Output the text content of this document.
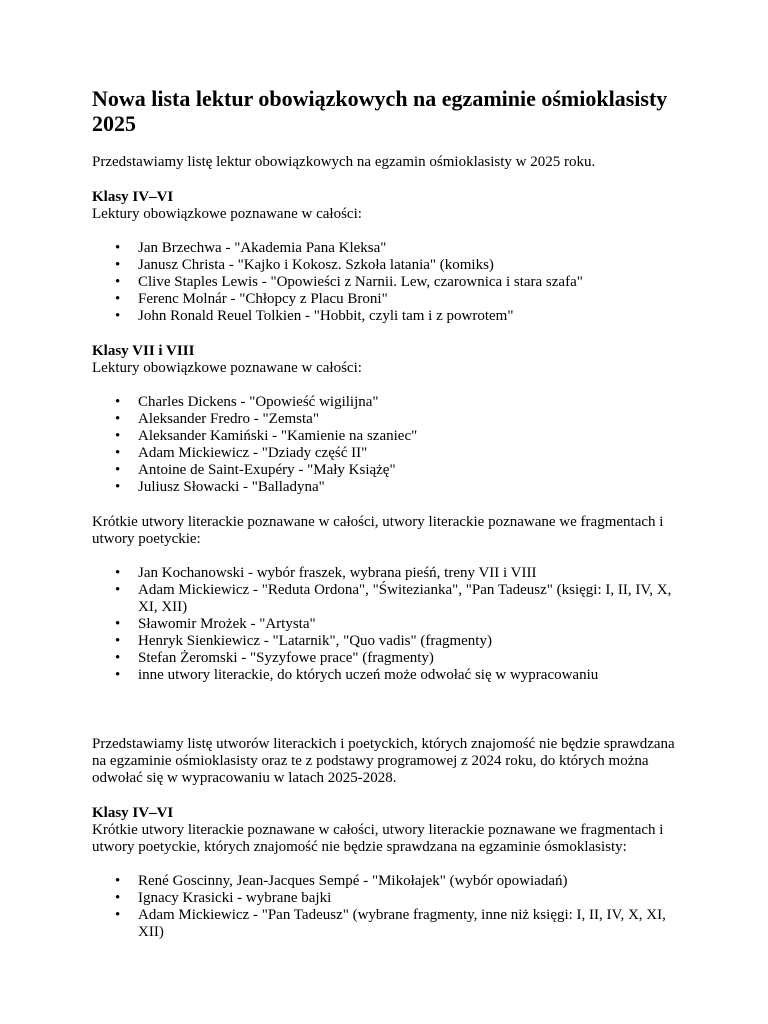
Nowa lista lektur obowiązkowych na egzaminie ośmioklasisty 2025

Przedstawiamy listę lektur obowiązkowych na egzamin ośmioklasisty w 2025 roku.

Klasy IV–VI

Lektury obowiązkowe poznawane w całości:

• Jan Brzechwa - "Akademia Pana Kleksa"
• Janusz Christa - "Kajko i Kokosz. Szkoła latania" (komiks)
• Clive Staples Lewis - "Opowieści z Narnii. Lew, czarownica i stara szafa"
• Ferenc Molnár - "Chłopcy z Placu Broni"
• John Ronald Reuel Tolkien - "Hobbit, czyli tam i z powrotem"

Klasy VII i VIII

Lektury obowiązkowe poznawane w całości:

• Charles Dickens - "Opowieść wigilijna"
• Aleksander Fredro - "Zemsta"
• Aleksander Kamiński - "Kamienie na szaniec"
• Adam Mickiewicz - "Dziady część II"
• Antoine de Saint-Exupéry - "Mały Książę"
• Juliusz Słowacki - "Balladyna"

Krótkie utwory literackie poznawane w całości, utwory literackie poznawane we fragmentach i utwory poetyckie:

• Jan Kochanowski - wybór fraszek, wybrana pieśń, treny VII i VIII
• Adam Mickiewicz - "Reduta Ordona", "Świtezianka", "Pan Tadeusz" (księgi: I, II, IV, X, XI, XII)
• Sławomir Mrożek - "Artysta"
• Henryk Sienkiewicz - "Latarnik", "Quo vadis" (fragmenty)
• Stefan Żeromski - "Syzyfowe prace" (fragmenty)
• inne utwory literackie, do których uczeń może odwołać się w wypracowaniu

Przedstawiamy listę utworów literackich i poetyckich, których znajomość nie będzie sprawdzana na egzaminie ośmioklasisty oraz te z podstawy programowej z 2024 roku, do których można odwołać się w wypracowaniu w latach 2025-2028.

Klasy IV–VI

Krótkie utwory literackie poznawane w całości, utwory literackie poznawane we fragmentach i utwory poetyckie, których znajomość nie będzie sprawdzana na egzaminie ósmoklasisty:

• René Goscinny, Jean-Jacques Sempé - "Mikołajek" (wybór opowiadań)
• Ignacy Krasicki - wybrane bajki
• Adam Mickiewicz - "Pan Tadeusz" (wybrane fragmenty, inne niż księgi: I, II, IV, X, XI, XII)
